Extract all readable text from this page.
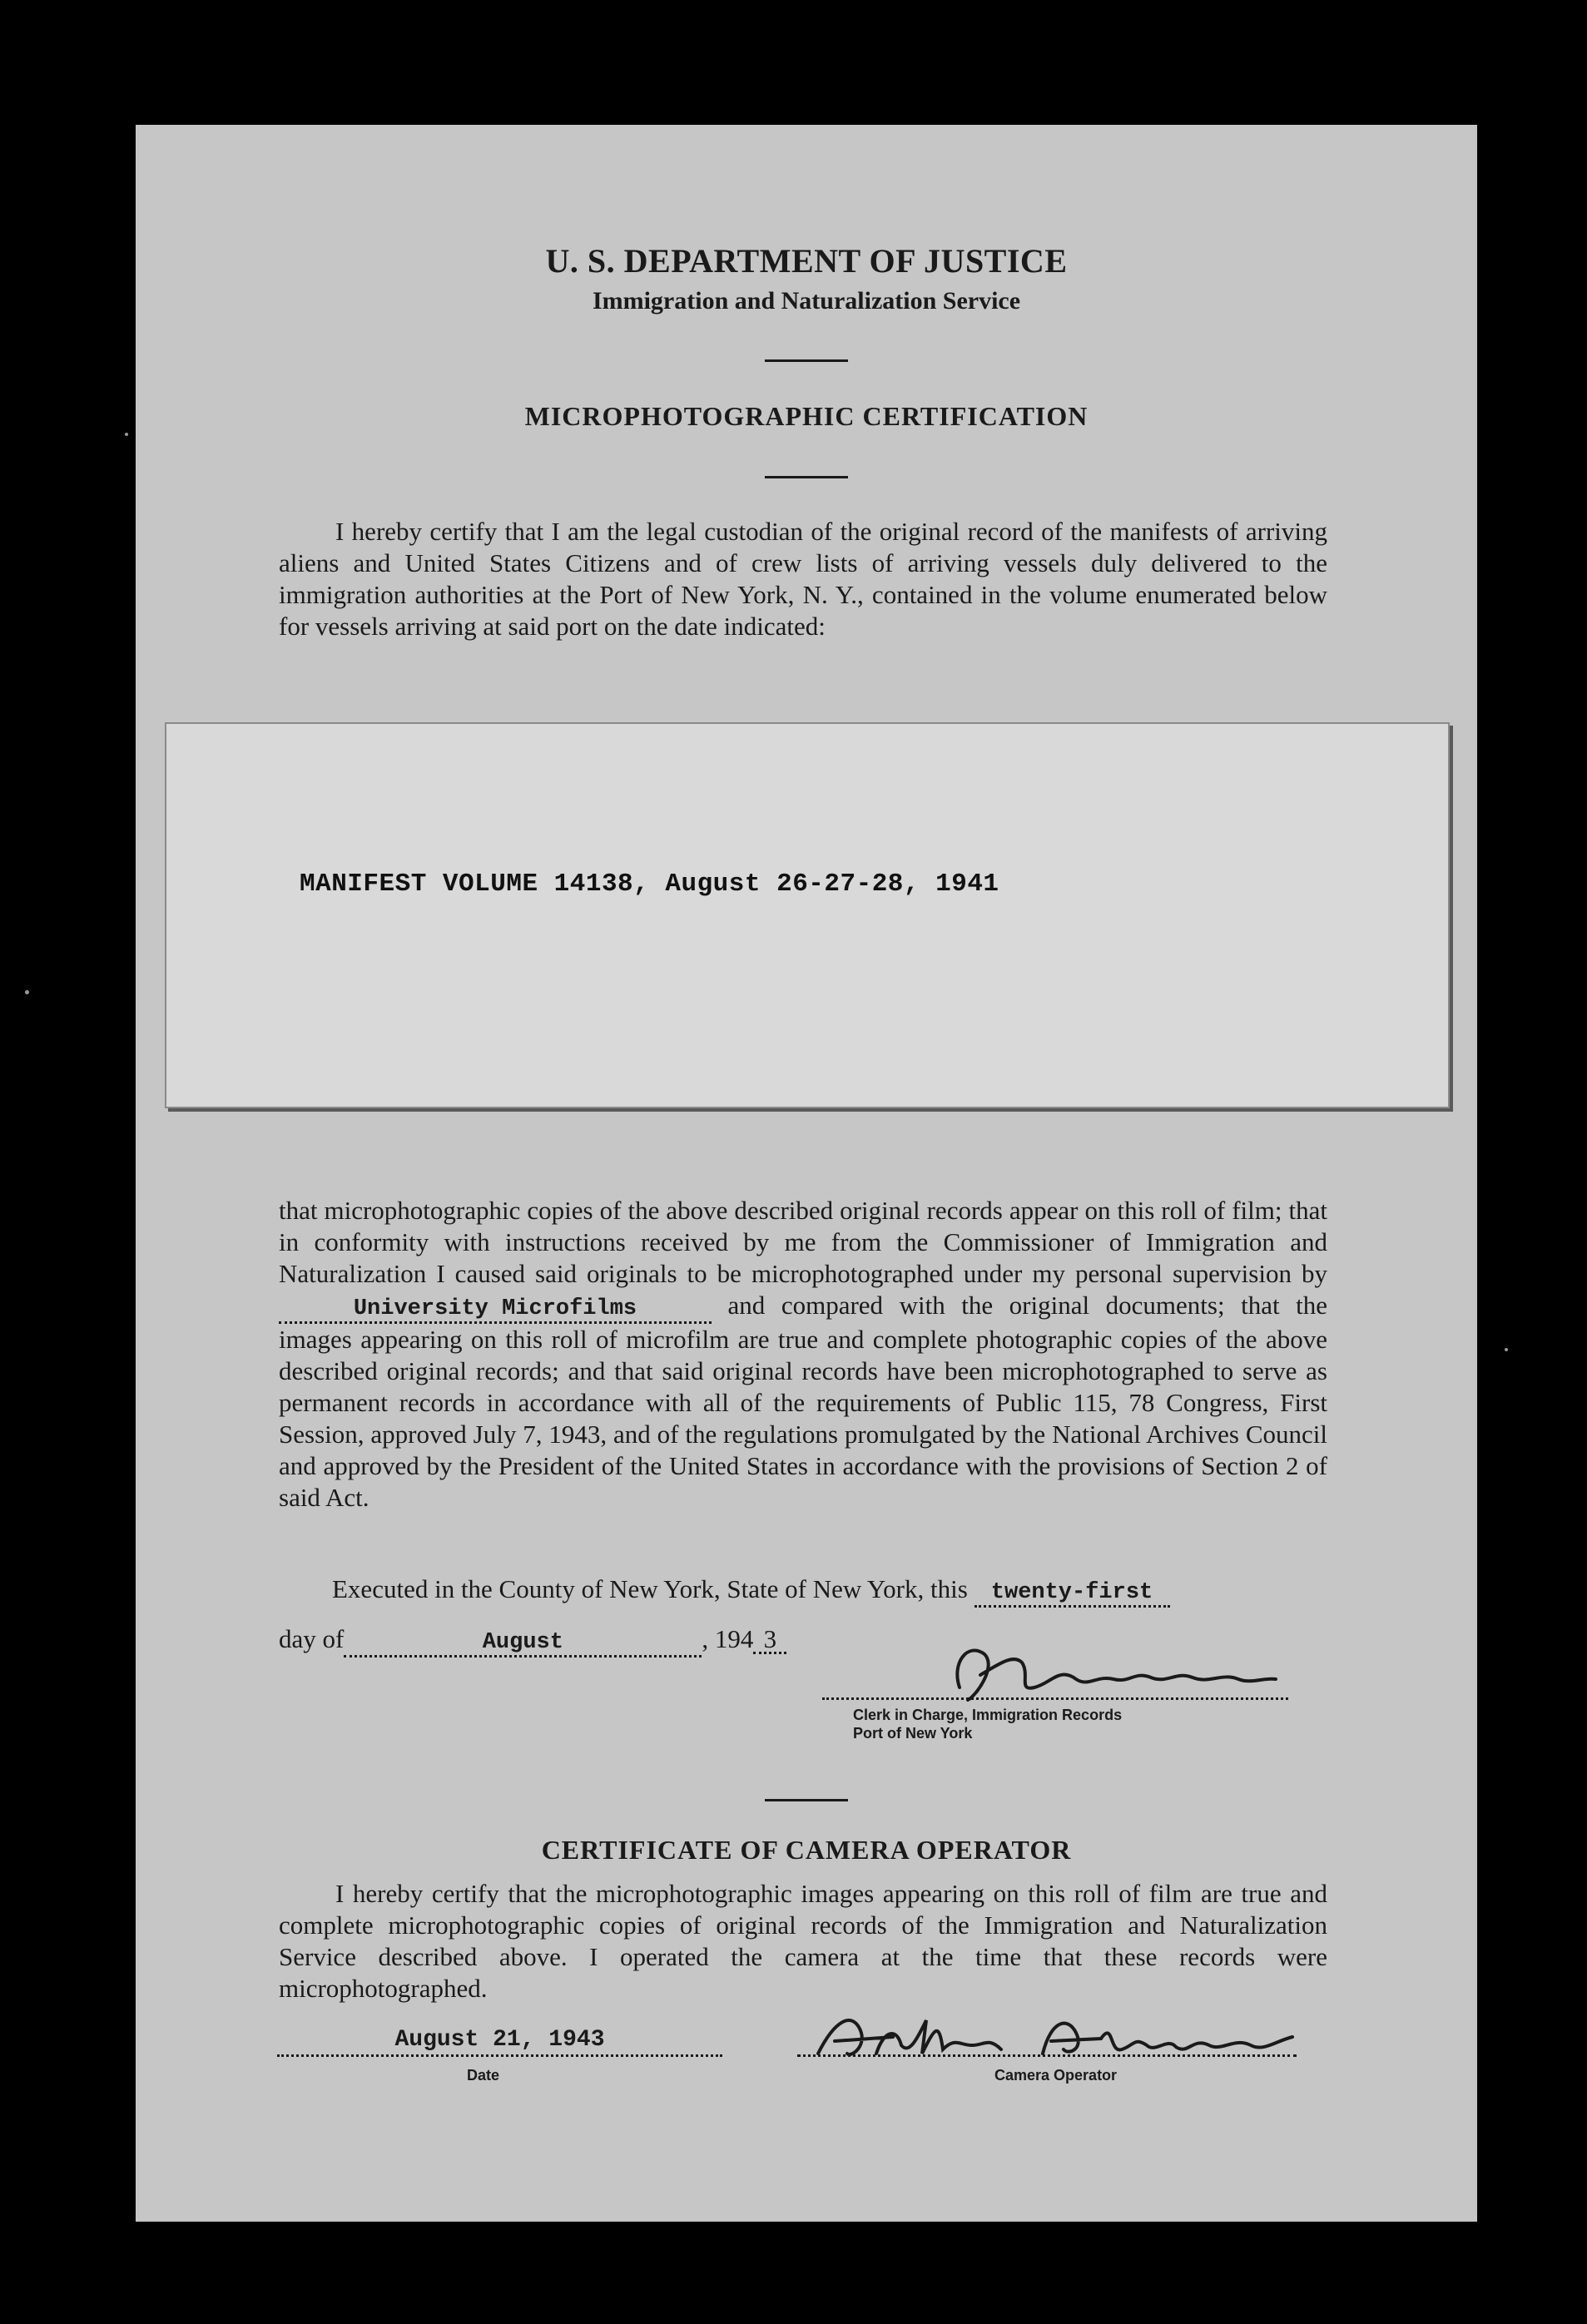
U. S. DEPARTMENT OF JUSTICE
Immigration and Naturalization Service
MICROPHOTOGRAPHIC CERTIFICATION

I hereby certify that I am the legal custodian of the original record of the manifests of arriving aliens and United States Citizens and of crew lists of arriving vessels duly delivered to the immigration authorities at the Port of New York, N. Y., contained in the volume enumerated below for vessels arriving at said port on the date indicated:

MANIFEST VOLUME 14138, August 26-27-28, 1941

that microphotographic copies of the above described original records appear on this roll of film; that in conformity with instructions received by me from the Commissioner of Immigration and Naturalization I caused said originals to be microphotographed under my personal supervision by University Microfilms	and compared with the original documents; that the images appearing on this roll of microfilm are true and complete photographic copies of the above described original records; and that said original records have been microphotographed to serve as permanent records in accordance with all of the requirements of Public 115, 78 Congress, First Session, approved July 7, 1943, and of the regulations promulgated by the National Archives Council and approved by the President of the United States in accordance with the provisions of Section 2 of said Act.

Executed in the County of New York, State of New York, this twenty-first
day of	August	, 194 3

Clerk in Charge, Immigration Records
Port of New York

CERTIFICATE OF CAMERA OPERATOR

I hereby certify that the microphotographic images appearing on this roll of film are true and complete microphotographic copies of original records of the Immigration and Naturalization Service described above. I operated the camera at the time that these records were microphotographed.

August 21, 1943

Date	Camera Operator
